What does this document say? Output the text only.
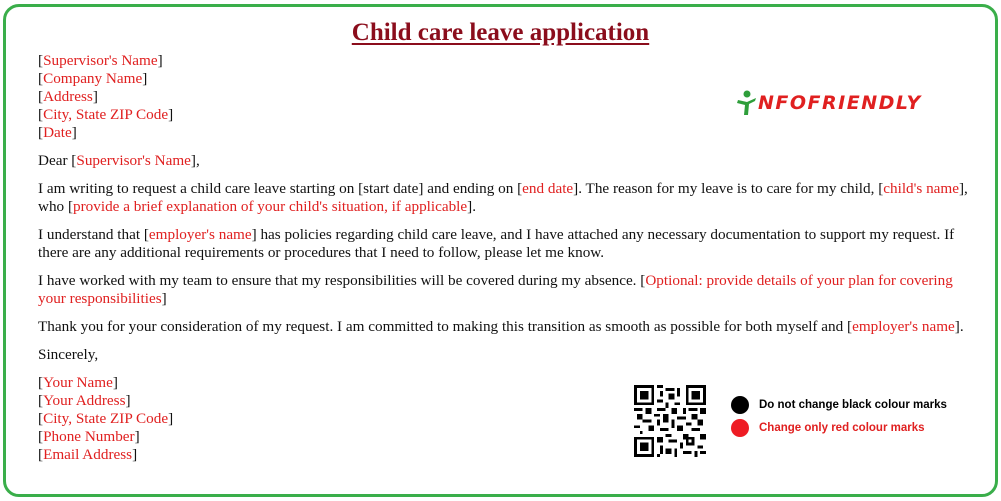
Child care leave application
NFOFRIENDLY

[Supervisor's Name]

[Company Name]

[Address]

[City, State ZIP Code]

[Date]

Dear [Supervisor's Name],

I am writing to request a child care leave starting on [start date] and ending on [end date]. The reason for my leave is to care for my child, [child's name], who [provide a brief explanation of your child's situation, if applicable].

I understand that [employer's name] has policies regarding child care leave, and I have attached any necessary documentation to support my request. If there are any additional requirements or procedures that I need to follow, please let me know.

I have worked with my team to ensure that my responsibilities will be covered during my absence. [Optional: provide details of your plan for covering your responsibilities]

Thank you for your consideration of my request. I am committed to making this transition as smooth as possible for both myself and [employer's name].

Sincerely,

[Your Name]

[Your Address]

[City, State ZIP Code]

[Phone Number]

[Email Address]

Do not change black colour marks
Change only red colour marks
